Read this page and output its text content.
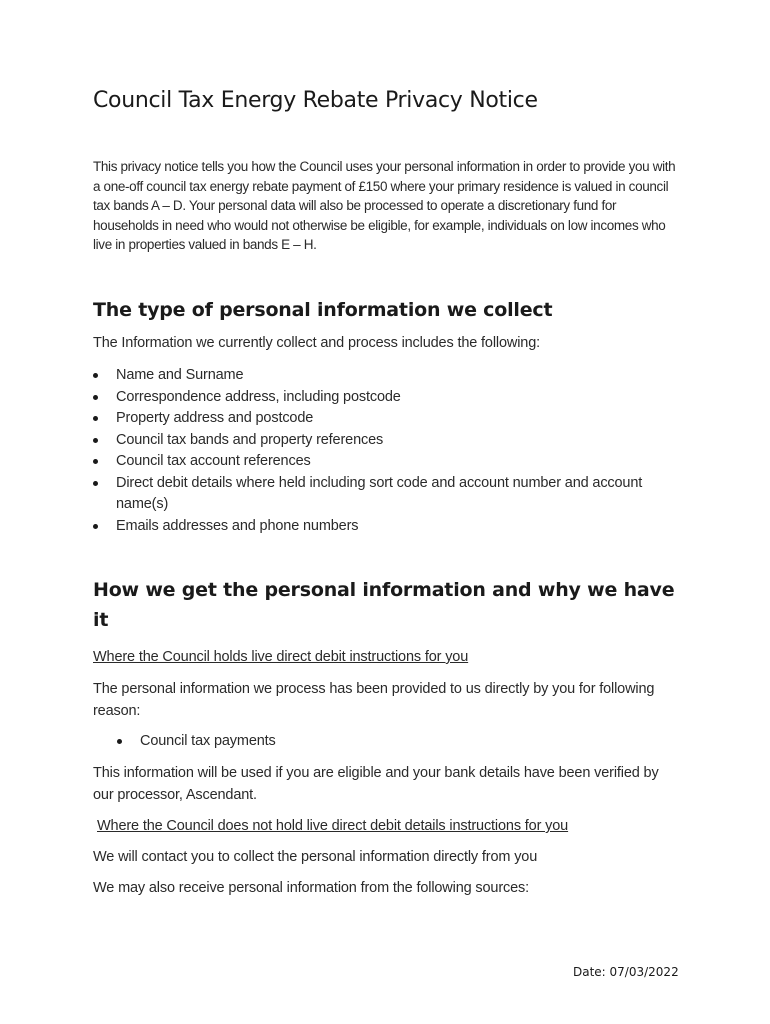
Council Tax Energy Rebate Privacy Notice

This privacy notice tells you how the Council uses your personal information in order to provide you with a one-off council tax energy rebate payment of £150 where your primary residence is valued in council tax bands A – D. Your personal data will also be processed to operate a discretionary fund for households in need who would not otherwise be eligible, for example, individuals on low incomes who live in properties valued in bands E – H.

The type of personal information we collect

The Information we currently collect and process includes the following:

Name and Surname
Correspondence address, including postcode
Property address and postcode
Council tax bands and property references
Council tax account references
Direct debit details where held including sort code and account number and account name(s)
Emails addresses and phone numbers
How we get the personal information and why we have it

Where the Council holds live direct debit instructions for you

The personal information we process has been provided to us directly by you for following reason:

Council tax payments

This information will be used if you are eligible and your bank details have been verified by our processor, Ascendant.

Where the Council does not hold live direct debit details instructions for you

We will contact you to collect the personal information directly from you

We may also receive personal information from the following sources:

Date: 07/03/2022
